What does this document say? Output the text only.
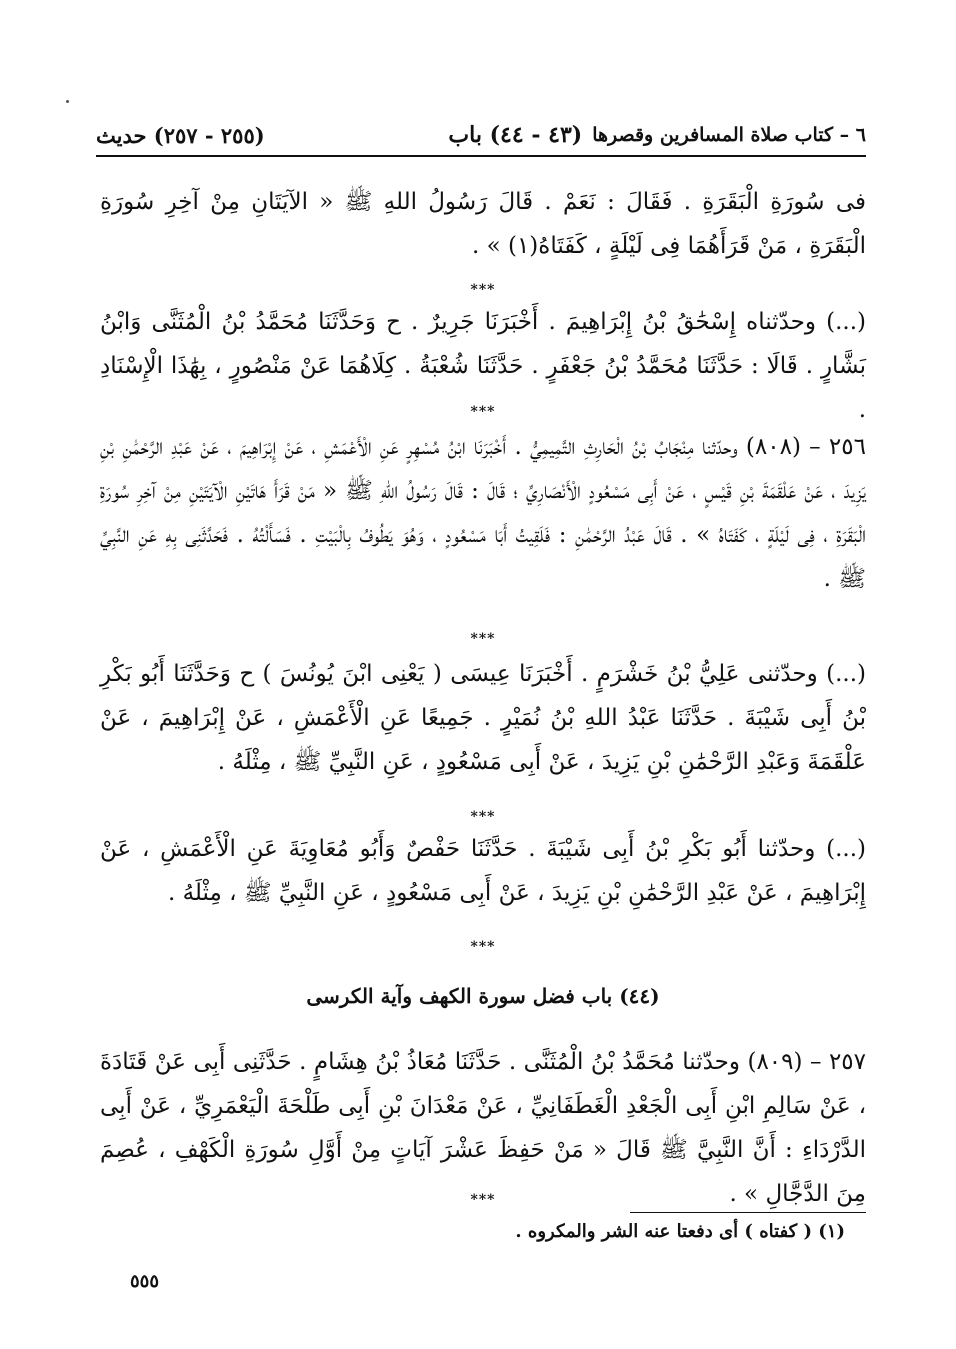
٦ – كتاب صلاة المسافرين وقصرها
(٤٣ - ٤٤) باب
(٢٥٥ - ٢٥٧) حديث

فى سُورَةِ الْبَقَرَةِ . فَقَالَ : نَعَمْ . قَالَ رَسُولُ اللهِ ﷺ « الآيَتَانِ مِنْ آخِرِ سُورَةِ الْبَقَرَةِ ، مَنْ قَرَأَهُمَا فِى لَيْلَةٍ ، كَفَتَاهُ(١) » .

***

(...) وحدّثناه إِسْحَٰقُ بْنُ إِبْرَاهِيمَ . أَخْبَرَنَا جَرِيرٌ . ح وَحَدَّثَنَا مُحَمَّدُ بْنُ الْمُثَنَّى وَابْنُ بَشَّارٍ . قَالَا : حَدَّثَنَا مُحَمَّدُ بْنُ جَعْفَرٍ . حَدَّثَنَا شُعْبَةُ . كِلَاهُمَا عَنْ مَنْصُورٍ ، بِهَٰذَا الْإِسْنَادِ .

***

٢٥٦ – (٨٠٨) وحدّثنا مِنْجَابُ بْنُ الْحَارِثِ التَّمِيمِيُّ . أَخْبَرَنَا ابْنُ مُسْهِرٍ عَنِ الْأَعْمَشِ ، عَنْ إِبْرَاهِيمَ ، عَنْ عَبْدِ الرَّحْمَٰنِ بْنِ يَزِيدَ ، عَنْ عَلْقَمَةَ بْنِ قَيْسٍ ، عَنْ أَبِى مَسْعُودٍ الْأَنْصَارِيِّ ؛ قَالَ : قَالَ رَسُولُ اللهِ ﷺ « مَنْ قَرَأَ هَاتَيْنِ الْآيَتَيْنِ مِنْ آخِرِ سُورَةِ الْبَقَرَةِ ، فِى لَيْلَةٍ ، كَفَتَاهُ » . قَالَ عَبْدُ الرَّحْمَٰنِ : فَلَقِيتُ أَبَا مَسْعُودٍ ، وَهُوَ يَطُوفُ بِالْبَيْتِ . فَسَأَلْتُهُ . فَحَدَّثَنِى بِهِ عَنِ النَّبِيِّ ﷺ .

***

(...) وحدّثنى عَلِيُّ بْنُ خَشْرَمٍ . أَخْبَرَنَا عِيسَى ( يَعْنِى ابْنَ يُونُسَ ) ح وَحَدَّثَنَا أَبُو بَكْرِ بْنُ أَبِى شَيْبَةَ . حَدَّثَنَا عَبْدُ اللهِ بْنُ نُمَيْرٍ . جَمِيعًا عَنِ الْأَعْمَشِ ، عَنْ إِبْرَاهِيمَ ، عَنْ عَلْقَمَةَ وَعَبْدِ الرَّحْمَٰنِ بْنِ يَزِيدَ ، عَنْ أَبِى مَسْعُودٍ ، عَنِ النَّبِيِّ ﷺ ، مِثْلَهُ .

***

(...) وحدّثنا أَبُو بَكْرِ بْنُ أَبِى شَيْبَةَ . حَدَّثَنَا حَفْصٌ وَأَبُو مُعَاوِيَةَ عَنِ الْأَعْمَشِ ، عَنْ إِبْرَاهِيمَ ، عَنْ عَبْدِ الرَّحْمَٰنِ بْنِ يَزِيدَ ، عَنْ أَبِى مَسْعُودٍ ، عَنِ النَّبِيِّ ﷺ ، مِثْلَهُ .

***
(٤٤) باب فضل سورة الكهف وآية الكرسى

٢٥٧ – (٨٠٩) وحدّثنا مُحَمَّدُ بْنُ الْمُثَنَّى . حَدَّثَنَا مُعَاذُ بْنُ هِشَامٍ . حَدَّثَنِى أَبِى عَنْ قَتَادَةَ ، عَنْ سَالِمِ ابْنِ أَبِى الْجَعْدِ الْغَطَفَانِيِّ ، عَنْ مَعْدَانَ بْنِ أَبِى طَلْحَةَ الْيَعْمَرِيِّ ، عَنْ أَبِى الدَّرْدَاءِ : أَنَّ النَّبِيَّ ﷺ قَالَ « مَنْ حَفِظَ عَشْرَ آيَاتٍ مِنْ أَوَّلِ سُورَةِ الْكَهْفِ ، عُصِمَ مِنَ الدَّجَّالِ » .

***
(١) ( كفتاه ) أى دفعتا عنه الشر والمكروه .
٥٥٥
